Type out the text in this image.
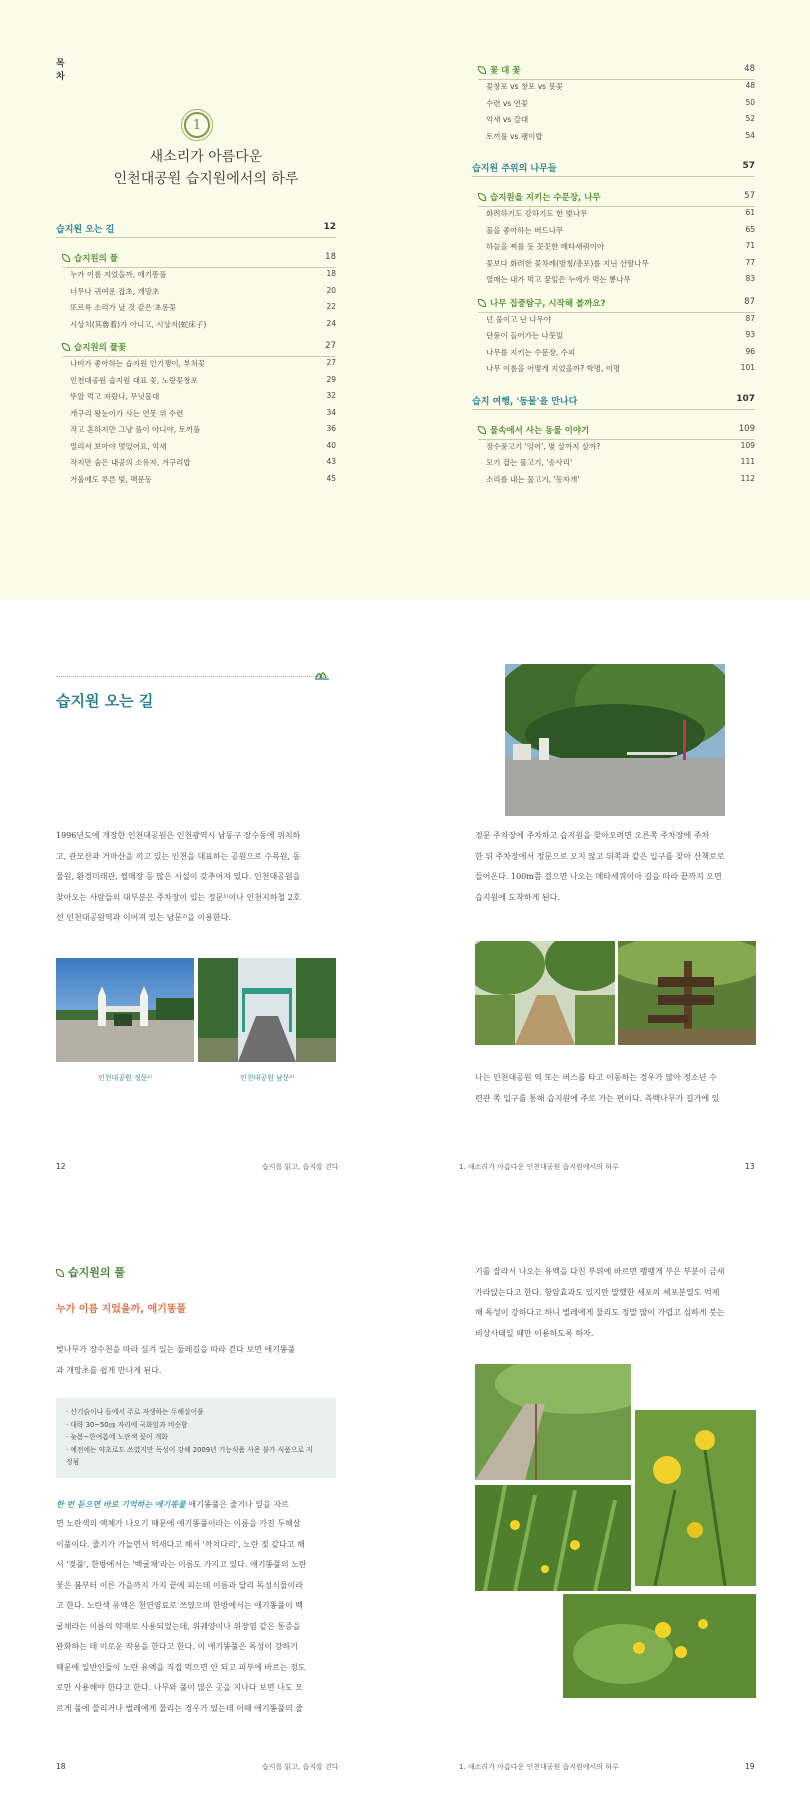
목
차
1
새소리가 아름다운
인천대공원 습지원에서의 하루
습지원 오는 길	12
습지원의 풀	18
누가 이름 지었을까, 애기똥풀	18
너무나 귀여운 잡초, 개망초	20
또르륵 소리가 날 것 같은 초롱꽃	22
시상치(其魯着)가 아니고, 시상지(蛇床子)	24
습지원의 풀꽃	27
나비가 좋아하는 습지원 인기쟁이, 부처꽃	27
인천대공원 습지원 대표 꽃, 노랑꽃창포	29
뚜알 먹고 자랐나, 무닛물대	32
개구리 왕눈이가 사는 연못 위 수련	34
작고 흔하지만 그냥 풀이 아니야, 토끼풀	36
멀리서 보아야 멋있어요, 억새	40
작지만 숨은 내공의 소유자, 겨구리밥	43
겨울에도 푸른 빛, 맥문동	45
꽃 대 꽃	48
꽃창포 vs 창포 vs 붓꽃	48
수련 vs 연꽃	50
억새 vs 갈대	52
토끼풀 vs 괭이밥	54
습지원 주위의 나무들	57
습지원을 지키는 수문장, 나무	57
화려하기도 강하기도 한 벚나무	61
물을 좋아하는 버드나무	65
하늘을 찌를 듯 꼿꼿한 메타세쿼이아	71
꽃보다 화려한 꽃차례(방칭/총포)를 지닌 산딸나무	77
열매는 내가 먹고 꿈잎은 누에가 먹는 뽕나무	83
나무 집중탐구, 시작해 볼까요?	87
넌 풀이고 난 나무야	87
단풍이 들어가는 나뭇잎	93
나무를 지키는 수문장, 수피	96
나무 이름을 어떻게 지었을까? 학명, 이명	101
습지 여행, '동물'을 만나다	107
물속에서 사는 동물 이야기	109
장수풍고기 '잉어', 몇 살까지 살까?	109
모기 잡는 물고기, '송사리'	111
소리를 내는 물고기, '동자개'	112
습지원 오는 길
1996년도에 개장한 인천대공원은 인천광역시 남동구 장수동에 위치하
고, 관모산과 거마산을 끼고 있는 인천을 대표하는 공원으로 수목원, 동
물원, 환경미래관, 썰매장 등 많은 시설이 갖추어져 있다. 인천대공원을
찾아오는 사람들의 대부분은 주차장이 있는 정문¹⁾이나 인천지하철 2호
선 인천대공원역과 이어져 있는 남문²⁾을 이용한다.
인천대공원 정문¹⁾	인천대공원 남문²⁾
12	습지를 읽고, 습지를 걷다
정문 주차장에 주차하고 습지원을 찾아오려면 오른쪽 주차장에 주차
한 뒤 주차장에서 정문으로 오지 않고 뒤쪽과 같은 입구를 찾아 산책로로
들어온다. 100m쯤 걸으면 나오는 메타세쿼이아 길을 따라 끝까지 오면
습지원에 도착하게 된다.
나는 인천대공원 역 또는 버스를 타고 이동하는 경우가 많아 정소년 수
련관 쪽 입구를 통해 습지원에 주로 가는 편이다. 측백나무가 길가에 있
1. 새소리가 아름다운 인천대공원 습지원에서의 하루	13
습지원의 풀
누가 이름 지었을까, 애기똥풀
벚나무가 장수천을 따라 심겨 있는 둘레길을 따라 걷다 보면 애기똥풀
과 개망초를 쉽게 만나게 된다.
· 산기슭이나 들에서 주로 자생하는 두해살이풀
· 대략 30~50㎝ 자리에 국화잎과 비슷함
· 늦봄~한여름에 노란색 꽃이 개화
· 예전에는 약초로도 쓰였지만 독성이 강해 2009년 기능식품 사용 불가 식품으로 지
정됨
한 번 듣으면 바로 기억하는 애기똥풀 애기똥풀은 줄기나 잎을 자르
면 노란색의 액체가 나오기 때문에 애기똥풀이라는 이름을 가진 두해살
이풀이다. 줄기가 가늘면서 억새다고 해서 '까치다리', 노란 젖 같다고 해
서 '젖풀', 한방에서는 '백굴채'라는 이름도 가지고 있다. 애기똥풀의 노란
꽃은 봄부터 이른 가을까지 가지 끝에 피는데 이름과 달리 독성식물이라
고 한다. 노란색 유액은 천연염료로 쓰였으며 한방에서는 애기똥풀이 백
굴채라는 이름의 약재로 사용되었는데, 위궤양이나 위장염 같은 통증을
완화하는 데 이로운 작용을 한다고 한다. 이 애기똥풀은 독성이 강하기
때문에 일반인들이 노란 유액을 직접 먹으면 안 되고 피부에 바르는 정도
로만 사용해야 한다고 한다. 나무와 풀이 많은 곳을 지나다 보면 나도 모
르게 풀에 쓸리거나 벌레에게 물리는 경우가 있는데 이때 애기똥풀의 줄
18	습지를 읽고, 습지를 걷다
기를 잘라서 나오는 유액을 다친 부위에 바르면 팽팽게 부은 부분이 금새
가라앉는다고 한다. 항암효과도 있지만 말했한 세포의 세포분열도 억제
해 독성이 강하다고 하니 벌레에게 물리도 정말 많이 가렵고 심하게 붓는
비상사태일 때만 이용하도록 하자.
1. 새소리가 아름다운 인천대공원 습지원에서의 하루	19
